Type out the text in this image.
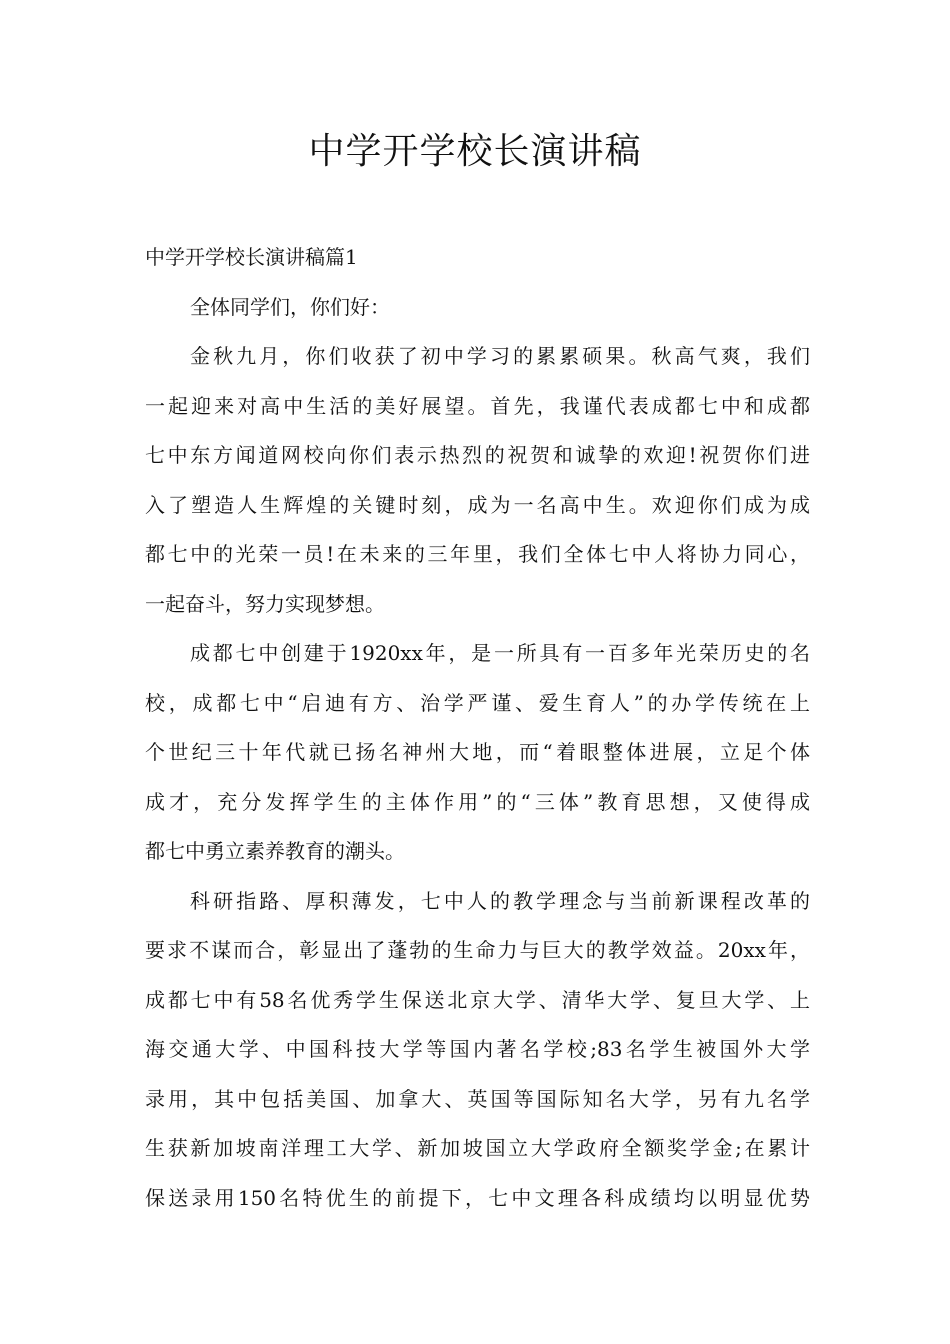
中学开学校长演讲稿
中学开学校长演讲稿篇1
全体同学们，你们好：
金秋九月，你们收获了初中学习的累累硕果。秋高气爽，我们
一起迎来对高中生活的美好展望。首先，我谨代表成都七中和成都
七中东方闻道网校向你们表示热烈的祝贺和诚挚的欢迎!祝贺你们进
入了塑造人生辉煌的关键时刻，成为一名高中生。欢迎你们成为成
都七中的光荣一员!在未来的三年里，我们全体七中人将协力同心，
一起奋斗，努力实现梦想。
成都七中创建于1920xx年，是一所具有一百多年光荣历史的名
校，成都七中“启迪有方、治学严谨、爱生育人”的办学传统在上
个世纪三十年代就已扬名神州大地，而“着眼整体进展，立足个体
成才，充分发挥学生的主体作用”的“三体”教育思想，又使得成
都七中勇立素养教育的潮头。
科研指路、厚积薄发，七中人的教学理念与当前新课程改革的
要求不谋而合，彰显出了蓬勃的生命力与巨大的教学效益。20xx年，
成都七中有58名优秀学生保送北京大学、清华大学、复旦大学、上
海交通大学、中国科技大学等国内著名学校;83名学生被国外大学
录用，其中包括美国、加拿大、英国等国际知名大学，另有九名学
生获新加坡南洋理工大学、新加坡国立大学政府全额奖学金;在累计
保送录用150名特优生的前提下，七中文理各科成绩均以明显优势
